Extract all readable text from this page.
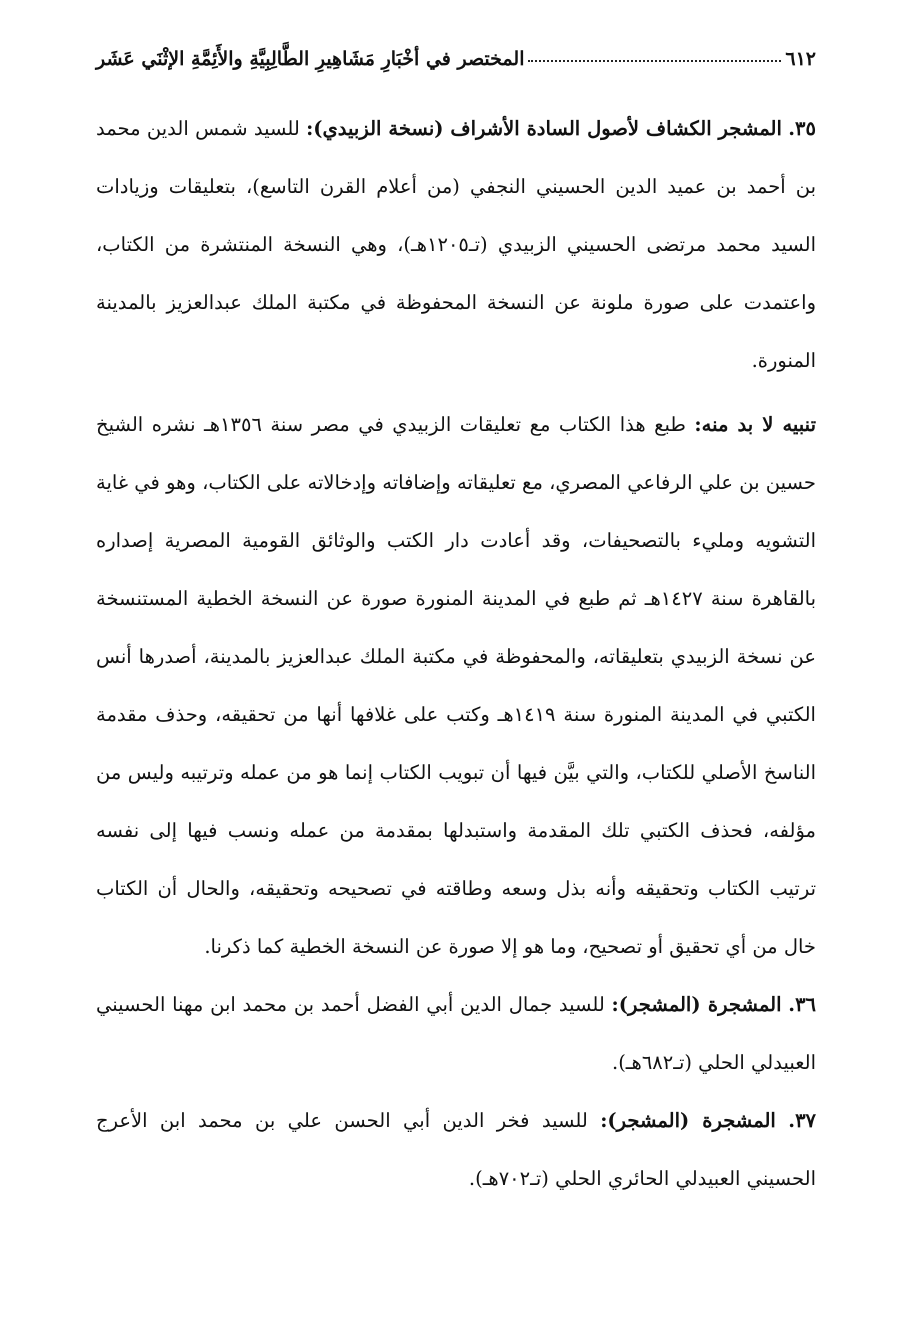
٦١٢
المختصر في أخْبَارِ مَشَاهِيرِ الطَّالِبِيَّةِ والأَئِمَّةِ الإثْنَي عَشَر

٣٥. المشجر الكشاف لأصول السادة الأشراف (نسخة الزبيدي): للسيد شمس الدين محمد بن أحمد بن عميد الدين الحسيني النجفي (من أعلام القرن التاسع)، بتعليقات وزيادات السيد محمد مرتضى الحسيني الزبيدي (تـ١٢٠٥هـ)، وهي النسخة المنتشرة من الكتاب، واعتمدت على صورة ملونة عن النسخة المحفوظة في مكتبة الملك عبدالعزيز بالمدينة المنورة.

تنبيه لا بد منه: طبع هذا الكتاب مع تعليقات الزبيدي في مصر سنة ١٣٥٦هـ نشره الشيخ حسين بن علي الرفاعي المصري، مع تعليقاته وإضافاته وإدخالاته على الكتاب، وهو في غاية التشويه ومليء بالتصحيفات، وقد أعادت دار الكتب والوثائق القومية المصرية إصداره بالقاهرة سنة ١٤٢٧هـ ثم طبع في المدينة المنورة صورة عن النسخة الخطية المستنسخة عن نسخة الزبيدي بتعليقاته، والمحفوظة في مكتبة الملك عبدالعزيز بالمدينة، أصدرها أنس الكتبي في المدينة المنورة سنة ١٤١٩هـ وكتب على غلافها أنها من تحقيقه، وحذف مقدمة الناسخ الأصلي للكتاب، والتي بيَّن فيها أن تبويب الكتاب إنما هو من عمله وترتيبه وليس من مؤلفه، فحذف الكتبي تلك المقدمة واستبدلها بمقدمة من عمله ونسب فيها إلى نفسه ترتيب الكتاب وتحقيقه وأنه بذل وسعه وطاقته في تصحيحه وتحقيقه، والحال أن الكتاب خال من أي تحقيق أو تصحيح، وما هو إلا صورة عن النسخة الخطية كما ذكرنا.

٣٦. المشجرة (المشجر): للسيد جمال الدين أبي الفضل أحمد بن محمد ابن مهنا الحسيني العبيدلي الحلي (تـ٦٨٢هـ).

٣٧. المشجرة (المشجر): للسيد فخر الدين أبي الحسن علي بن محمد ابن الأعرج الحسيني العبيدلي الحائري الحلي (تـ٧٠٢هـ).
